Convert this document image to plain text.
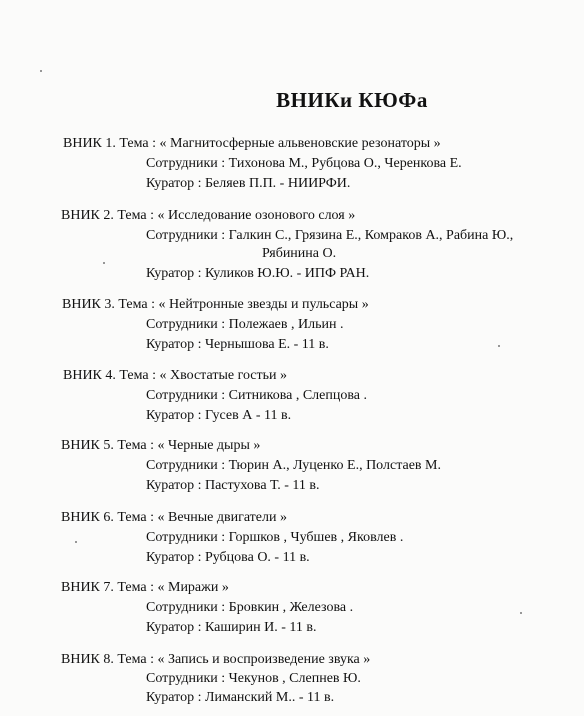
ВНИКи КЮФа
ВНИК 1. Тема : « Магнитосферные альвеновские резонаторы »
Сотрудники : Тихонова М., Рубцова О., Черенкова Е.
Куратор : Беляев П.П. - НИИРФИ.
ВНИК 2. Тема : « Исследование озонового слоя »
Сотрудники : Галкин С., Грязина Е., Комраков А., Рабина Ю.,
Рябинина О.
Куратор : Куликов Ю.Ю. - ИПФ РАН.
ВНИК 3. Тема : « Нейтронные звезды и пульсары »
Сотрудники : Полежаев , Ильин .
Куратор : Чернышова Е. - 11 в.
ВНИК 4. Тема : « Хвостатые гостьи »
Сотрудники : Ситникова , Слепцова .
Куратор : Гусев А - 11 в.
ВНИК 5. Тема : « Черные дыры »
Сотрудники : Тюрин А., Луценко Е., Полстаев М.
Куратор : Пастухова Т. - 11 в.
ВНИК 6. Тема : « Вечные двигатели »
Сотрудники : Горшков , Чубшев , Яковлев .
Куратор : Рубцова О. - 11 в.
ВНИК 7. Тема : « Миражи »
Сотрудники : Бровкин , Железова .
Куратор : Каширин И. - 11 в.
ВНИК 8. Тема : « Запись и воспроизведение звука »
Сотрудники : Чекунов , Слепнев Ю.
Куратор : Лиманский М.. - 11 в.
